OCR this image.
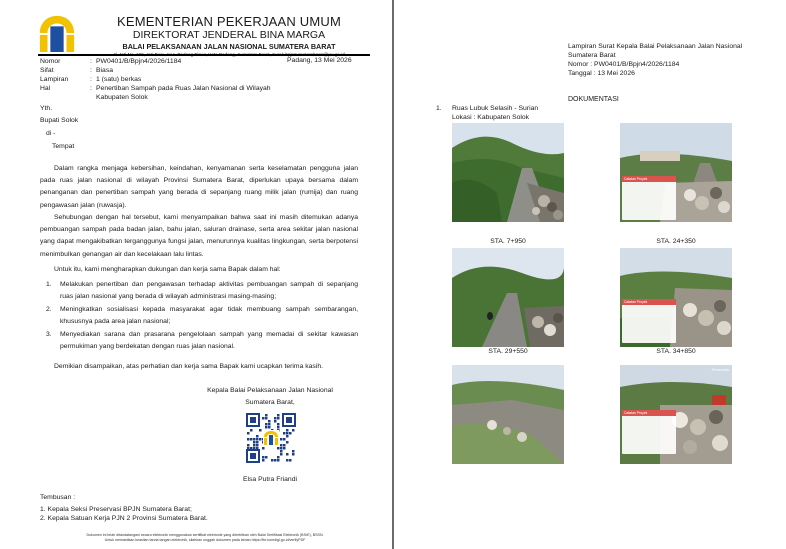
KEMENTERIAN PEKERJAAN UMUM
DIREKTORAT JENDERAL BINA MARGA
BALAI PELAKSANAAN JALAN NASIONAL SUMATERA BARAT
Nomor	: PW0401/B/Bpjn4/2026/1184	Padang, 13 Mei 2026
Sifat	: Biasa
Lampiran	: 1 (satu) berkas
Hal	: Penertiban Sampah pada Ruas Jalan Nasional di Wilayah
Kabupaten Solok
Yth.
Bupati Solok
di -
Tempat

Dalam rangka menjaga kebersihan, keindahan, kenyamanan serta keselamatan pengguna jalan pada ruas jalan nasional di wilayah Provinsi Sumatera Barat, diperlukan upaya bersama dalam penanganan dan penertiban sampah yang berada di sepanjang ruang milik jalan (rumija) dan ruang pengawasan jalan (ruwasja).

Sehubungan dengan hal tersebut, kami menyampaikan bahwa saat ini masih ditemukan adanya pembuangan sampah pada badan jalan, bahu jalan, saluran drainase, serta area sekitar jalan nasional yang dapat mengakibatkan terganggunya fungsi jalan, menurunnya kualitas lingkungan, serta berpotensi menimbulkan genangan air dan kecelakaan lalu lintas.

Untuk itu, kami mengharapkan dukungan dan kerja sama Bapak dalam hal:

1. Melakukan penertiban dan pengawasan terhadap aktivitas pembuangan sampah di sepanjang ruas jalan nasional yang berada di wilayah administrasi masing-masing;
2. Meningkatkan sosialisasi kepada masyarakat agar tidak membuang sampah sembarangan, khususnya pada area jalan nasional;
3. Menyediakan sarana dan prasarana pengelolaan sampah yang memadai di sekitar kawasan permukiman yang berdekatan dengan ruas jalan nasional.

Demikian disampaikan, atas perhatian dan kerja sama Bapak kami ucapkan terima kasih.

Kepala Balai Pelaksanaan Jalan Nasional
Sumatera Barat,
Elsa Putra Friandi
Tembusan :
1. Kepala Seksi Preservasi BPJN Sumatera Barat;
2. Kepala Satuan Kerja PJN 2 Provinsi Sumatera Barat.
Dokumen ini telah ditandatangani secara elektronik menggunakan sertifikat elektronik yang diterbitkan oleh Balai Sertifikasi Elektronik (BSrE), BSSN.
Untuk memastikan keaslian tanda tangan elektronik, silahkan unggah dokumen pada laman https://tte.komdigi.go.id/verifyPDF
Lampiran Surat Kepala Balai Pelaksanaan Jalan Nasional
Sumatera Barat
Nomor : PW0401/B/Bpjn4/2026/1184
Tanggal : 13 Mei 2026
DOKUMENTASI
1. Ruas Lubuk Selasih - Surian
Lokasi : Kabupaten Solok
STA. 7+950
Catatan Proyek

STA. 24+350
STA. 29+550
Catatan Proyek

STA. 34+850
Timemark
Catatan Proyek
